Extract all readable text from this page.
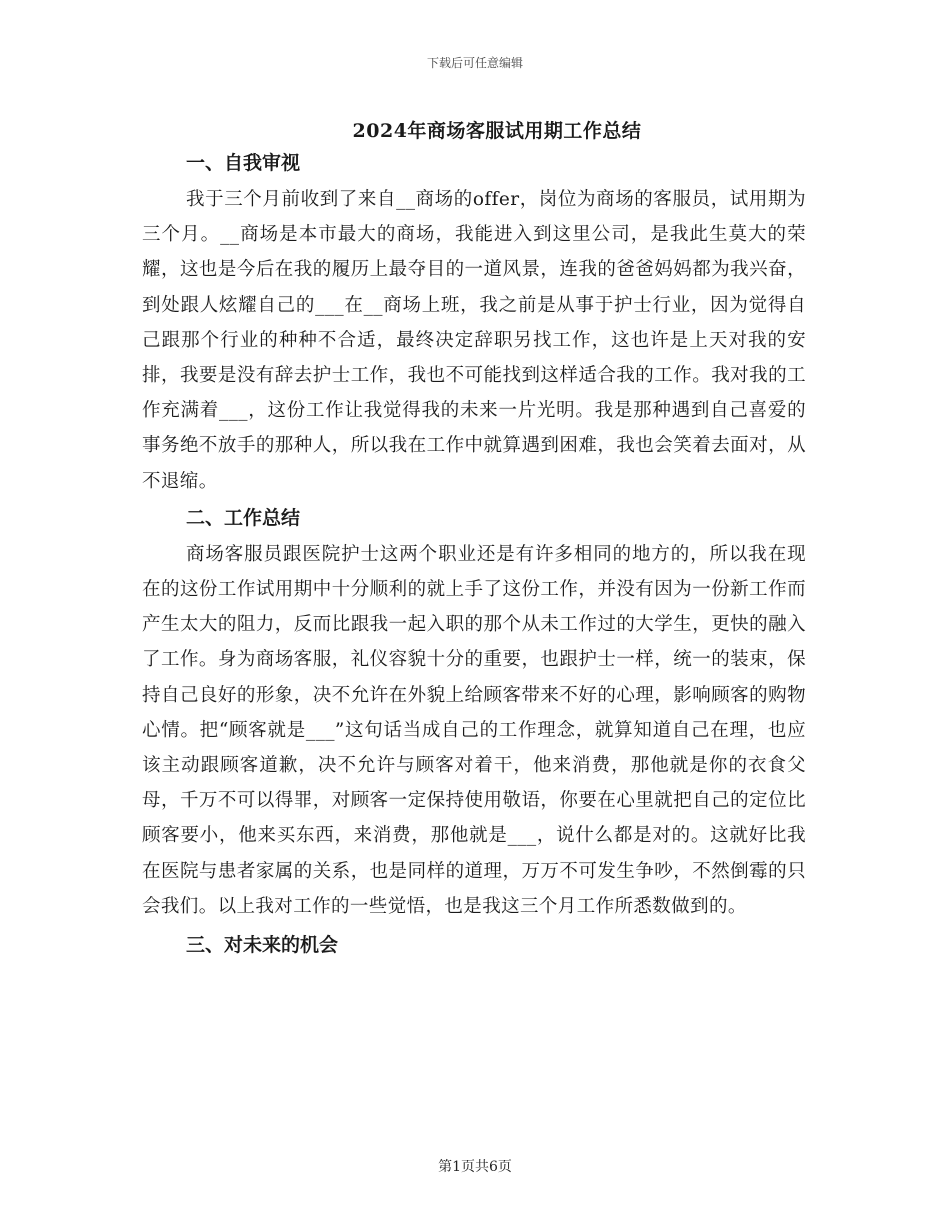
下载后可任意编辑
2024年商场客服试用期工作总结

一、自我审视

我于三个月前收到了来自__商场的offer，岗位为商场的客服员，试用期为三个月。__商场是本市最大的商场，我能进入到这里公司，是我此生莫大的荣耀，这也是今后在我的履历上最夺目的一道风景，连我的爸爸妈妈都为我兴奋，到处跟人炫耀自己的___在__商场上班，我之前是从事于护士行业，因为觉得自己跟那个行业的种种不合适，最终决定辞职另找工作，这也许是上天对我的安排，我要是没有辞去护士工作，我也不可能找到这样适合我的工作。我对我的工作充满着___，这份工作让我觉得我的未来一片光明。我是那种遇到自己喜爱的事务绝不放手的那种人，所以我在工作中就算遇到困难，我也会笑着去面对，从不退缩。

二、工作总结

商场客服员跟医院护士这两个职业还是有许多相同的地方的，所以我在现在的这份工作试用期中十分顺利的就上手了这份工作，并没有因为一份新工作而产生太大的阻力，反而比跟我一起入职的那个从未工作过的大学生，更快的融入了工作。身为商场客服，礼仪容貌十分的重要，也跟护士一样，统一的装束，保持自己良好的形象，决不允许在外貌上给顾客带来不好的心理，影响顾客的购物心情。把“顾客就是___”这句话当成自己的工作理念，就算知道自己在理，也应该主动跟顾客道歉，决不允许与顾客对着干，他来消费，那他就是你的衣食父母，千万不可以得罪，对顾客一定保持使用敬语，你要在心里就把自己的定位比顾客要小，他来买东西，来消费，那他就是___，说什么都是对的。这就好比我在医院与患者家属的关系，也是同样的道理，万万不可发生争吵，不然倒霉的只会我们。以上我对工作的一些觉悟，也是我这三个月工作所悉数做到的。

三、对未来的机会

第1页共6页
